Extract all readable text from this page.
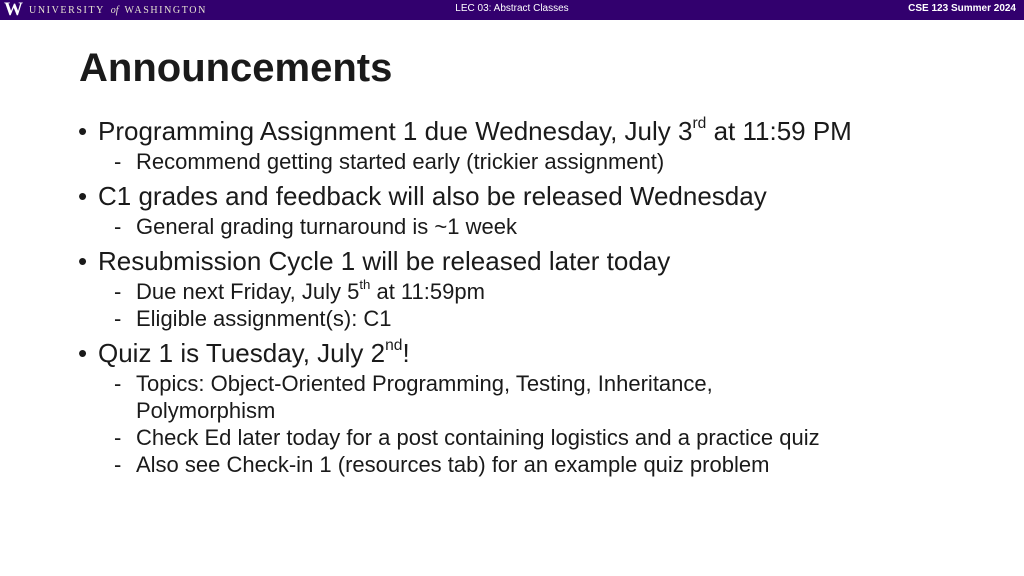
W UNIVERSITY of WASHINGTON	LEC 03: Abstract Classes	CSE 123 Summer 2024
Announcements
• Programming Assignment 1 due Wednesday, July 3rd at 11:59 PM
- Recommend getting started early (trickier assignment)
• C1 grades and feedback will also be released Wednesday
- General grading turnaround is ~1 week
• Resubmission Cycle 1 will be released later today
- Due next Friday, July 5th at 11:59pm
- Eligible assignment(s): C1
• Quiz 1 is Tuesday, July 2nd!
- Topics: Object-Oriented Programming, Testing, Inheritance,
Polymorphism
- Check Ed later today for a post containing logistics and a practice quiz
- Also see Check-in 1 (resources tab) for an example quiz problem
